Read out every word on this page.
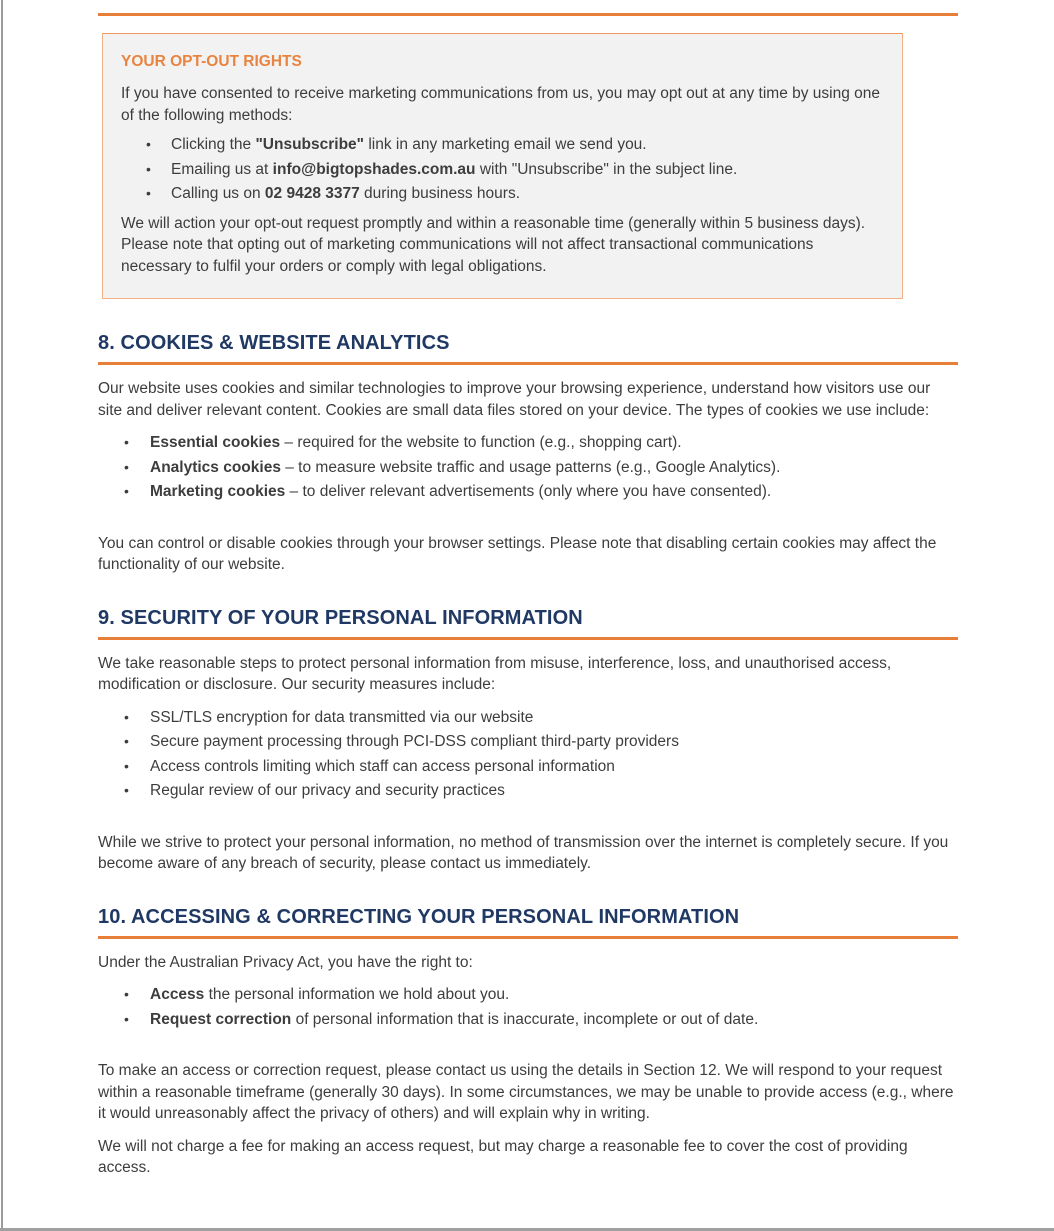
YOUR OPT-OUT RIGHTS

If you have consented to receive marketing communications from us, you may opt out at any time by using one of the following methods:

•	Clicking the "Unsubscribe" link in any marketing email we send you.
•	Emailing us at info@bigtopshades.com.au with "Unsubscribe" in the subject line.
•	Calling us on 02 9428 3377 during business hours.

We will action your opt-out request promptly and within a reasonable time (generally within 5 business days). Please note that opting out of marketing communications will not affect transactional communications necessary to fulfil your orders or comply with legal obligations.

8. COOKIES & WEBSITE ANALYTICS

Our website uses cookies and similar technologies to improve your browsing experience, understand how visitors use our site and deliver relevant content. Cookies are small data files stored on your device. The types of cookies we use include:

•	Essential cookies – required for the website to function (e.g., shopping cart).
•	Analytics cookies – to measure website traffic and usage patterns (e.g., Google Analytics).
•	Marketing cookies – to deliver relevant advertisements (only where you have consented).

You can control or disable cookies through your browser settings. Please note that disabling certain cookies may affect the functionality of our website.

9. SECURITY OF YOUR PERSONAL INFORMATION

We take reasonable steps to protect personal information from misuse, interference, loss, and unauthorised access, modification or disclosure. Our security measures include:

•	SSL/TLS encryption for data transmitted via our website
•	Secure payment processing through PCI-DSS compliant third-party providers
•	Access controls limiting which staff can access personal information
•	Regular review of our privacy and security practices

While we strive to protect your personal information, no method of transmission over the internet is completely secure. If you become aware of any breach of security, please contact us immediately.

10. ACCESSING & CORRECTING YOUR PERSONAL INFORMATION

Under the Australian Privacy Act, you have the right to:

•	Access the personal information we hold about you.
•	Request correction of personal information that is inaccurate, incomplete or out of date.

To make an access or correction request, please contact us using the details in Section 12. We will respond to your request within a reasonable timeframe (generally 30 days). In some circumstances, we may be unable to provide access (e.g., where it would unreasonably affect the privacy of others) and will explain why in writing.

We will not charge a fee for making an access request, but may charge a reasonable fee to cover the cost of providing access.
